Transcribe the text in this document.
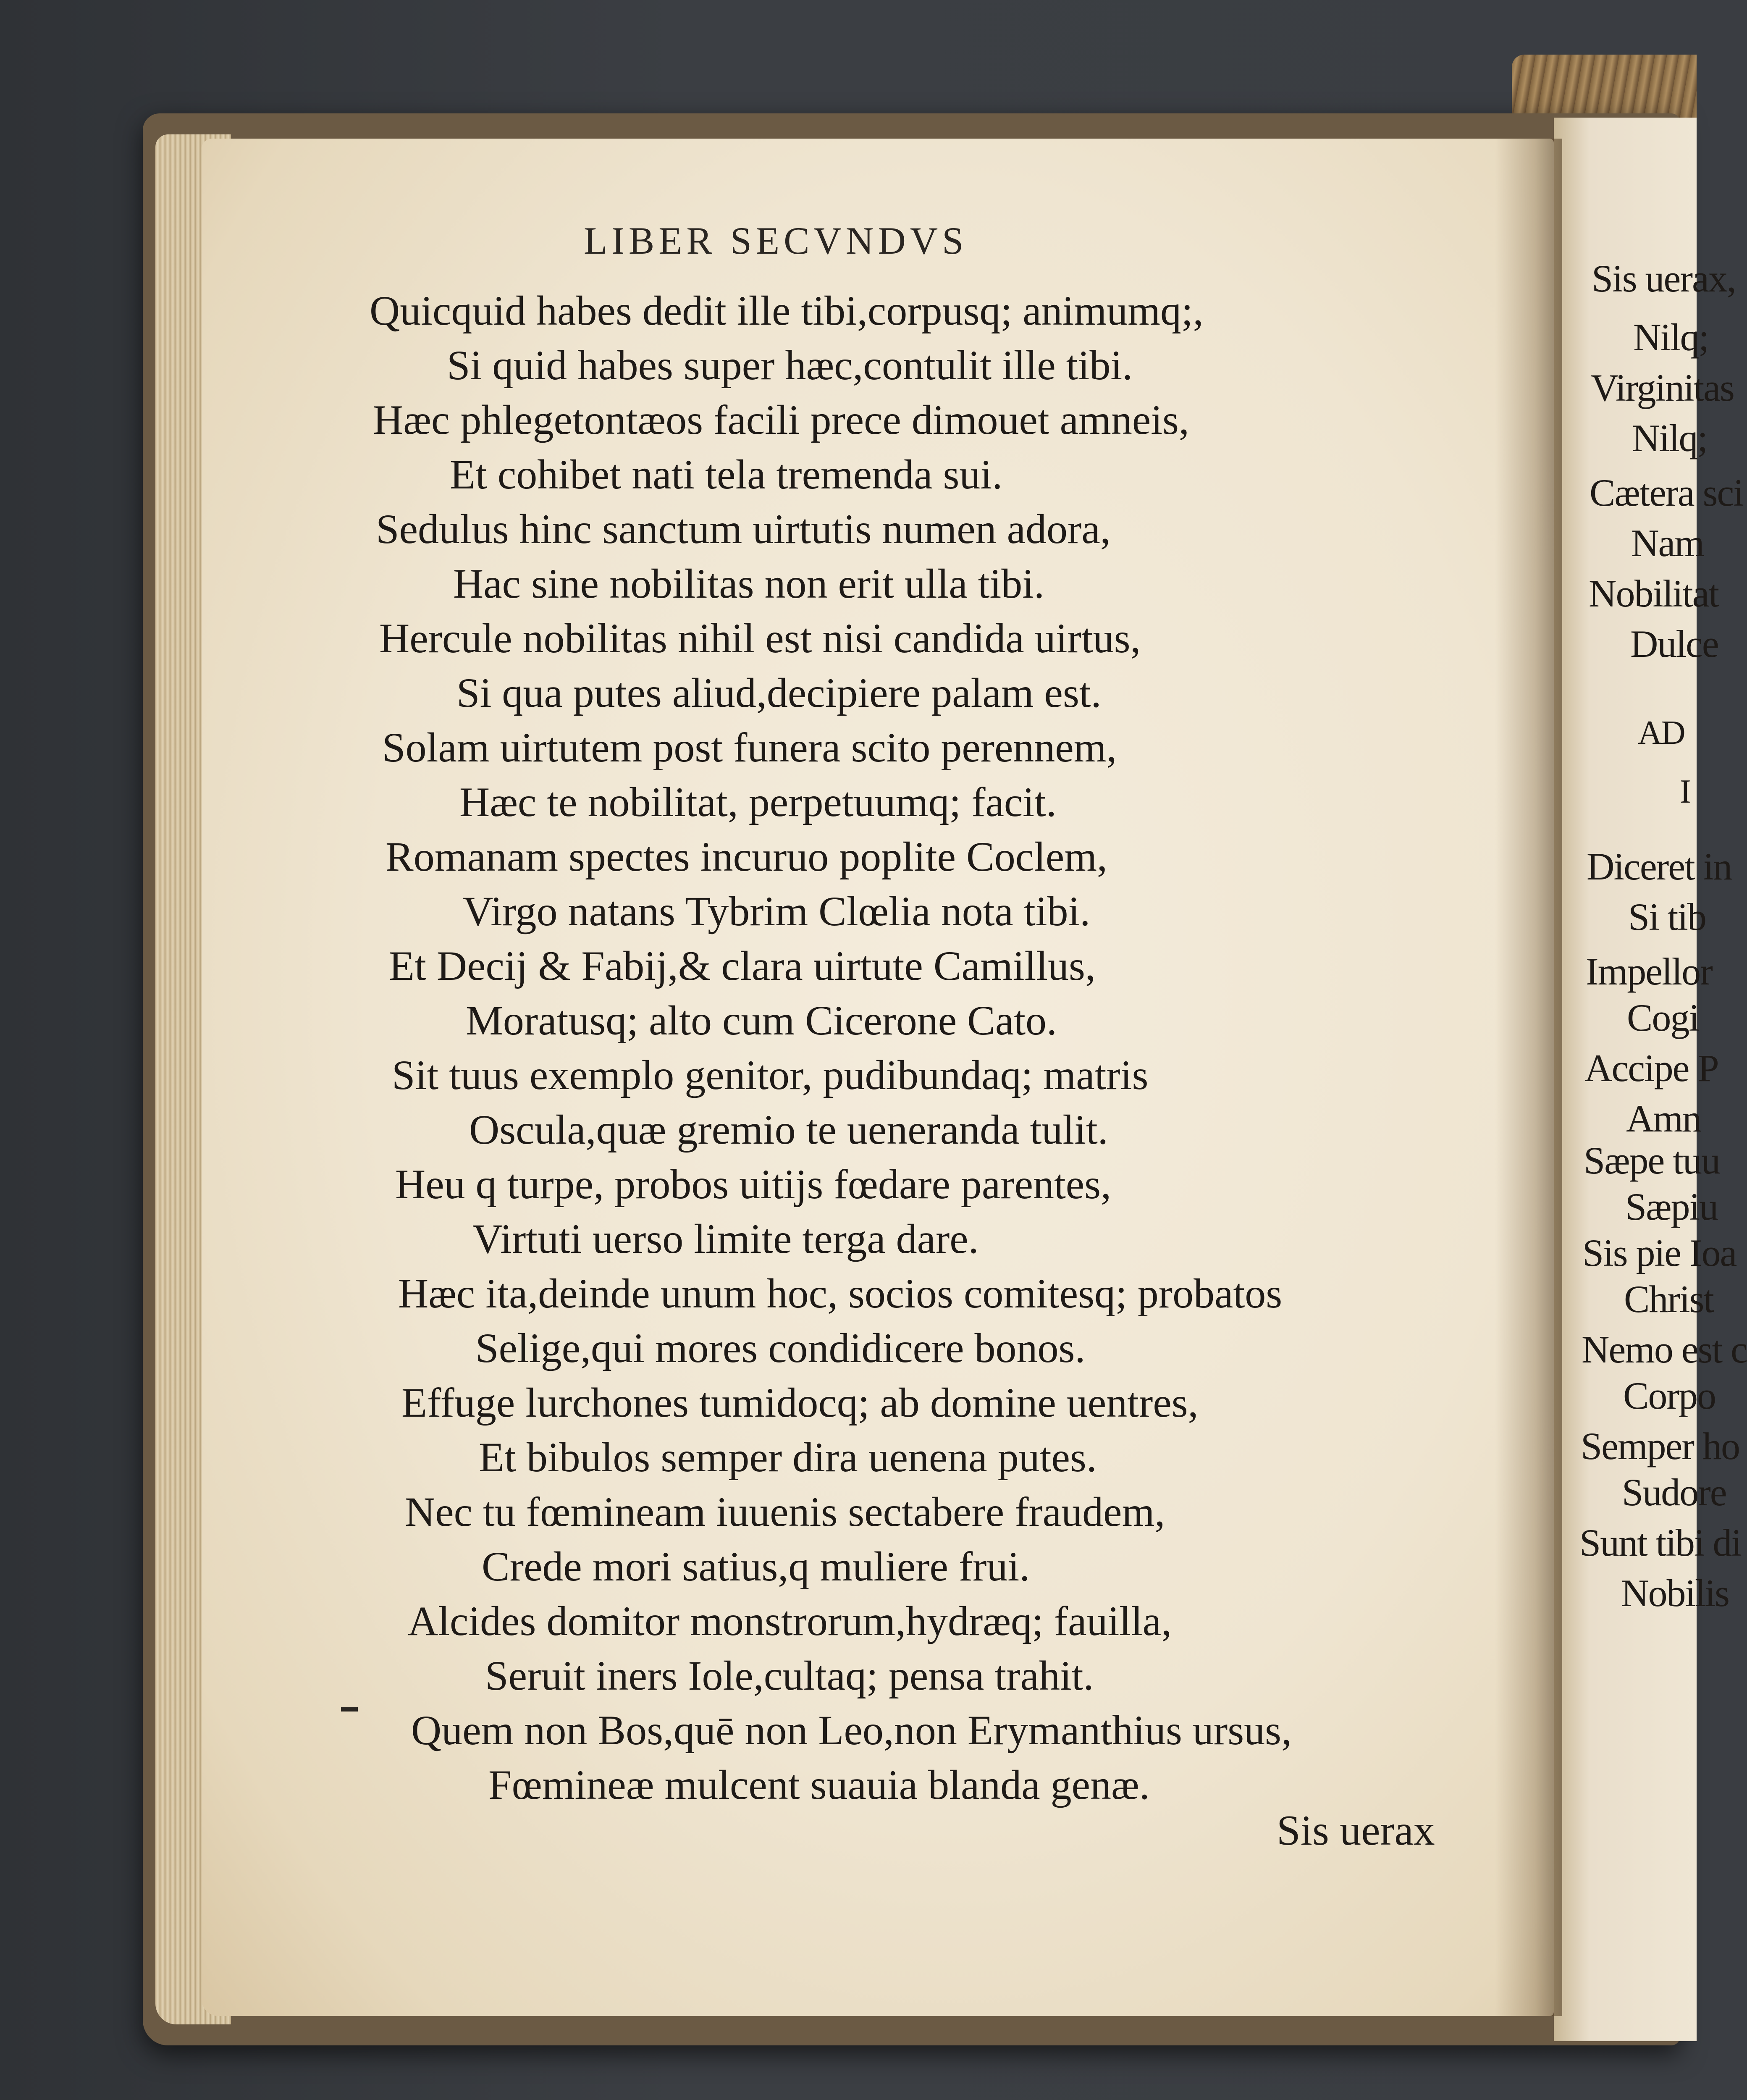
LIBER SECVNDVS
Quicquid habes dedit ille tibi,corpusq; animumq;,
Si quid habes super hæc,contulit ille tibi.
Hæc phlegetontæos facili prece dimouet amneis,
Et cohibet nati tela tremenda sui.
Sedulus hinc sanctum uirtutis numen adora,
Hac sine nobilitas non erit ulla tibi.
Hercule nobilitas nihil est nisi candida uirtus,
Si qua putes aliud,decipiere palam est.
Solam uirtutem post funera scito perennem,
Hæc te nobilitat, perpetuumq; facit.
Romanam spectes incuruo poplite Coclem,
Virgo natans Tybrim Clœlia nota tibi.
Et Decij & Fabij,& clara uirtute Camillus,
Moratusq; alto cum Cicerone Cato.
Sit tuus exemplo genitor, pudibundaq; matris
Oscula,quæ gremio te ueneranda tulit.
Heu q turpe, probos uitijs fœdare parentes,
Virtuti uerso limite terga dare.
Hæc ita,deinde unum hoc, socios comitesq; probatos
Selige,qui mores condidicere bonos.
Effuge lurchones tumidocq; ab domine uentres,
Et bibulos semper dira uenena putes.
Nec tu fœmineam iuuenis sectabere fraudem,
Crede mori satius,q muliere frui.
Alcides domitor monstrorum,hydræq; fauilla,
Seruit iners Iole,cultaq; pensa trahit.
Quem non Bos,quē non Leo,non Erymanthius ursus,
Fœmineæ mulcent suauia blanda genæ.
Sis uerax
Sis uerax,
Nilq;
Virginitas
Nilq;
Cætera sci
Nam
Nobilitat
Dulce
AD
I
Diceret in
Si tib
Impellor
Cogi
Accipe P
Amn
Sæpe tuu
Sæpiu
Sis pie Ioa
Christ
Nemo est c
Corpo
Semper ho
Sudore
Sunt tibi di
Nobilis
